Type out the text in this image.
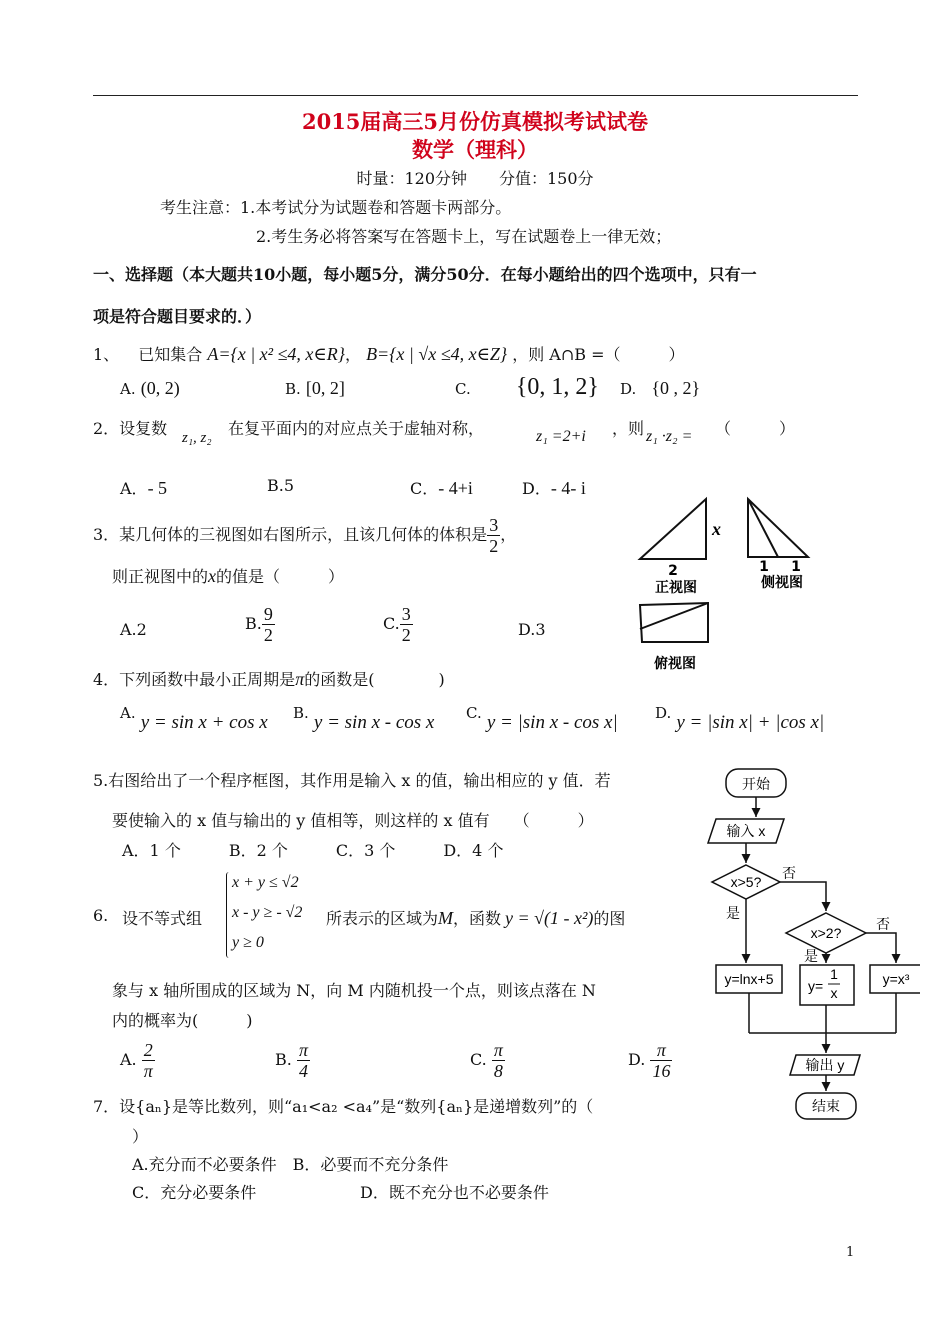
2015届高三5月份仿真模拟考试试卷
数学（理科）
时量：120分钟　　分值：150分
考生注意：1.本考试分为试题卷和答题卡两部分。
2.考生务必将答案写在答题卡上，写在试题卷上一律无效；
一、选择题（本大题共10小题，每小题5分，满分50分．在每小题给出的四个选项中，只有一
项是符合题目要求的．）
1、 已知集合 A={x | x² ≤4, x∈R}， B={x | √x ≤4, x∈Z} ，则 A∩B =（　　　）
A. (0, 2)	B. [0, 2]	C. {0, 1, 2} D. {0 , 2}
2．设复数 z₁, z₂ 在复平面内的对应点关于虚轴对称，	z₁ =2+i ，则 z₁ ·z₂ = （　　　）
A．- 5	B.5	C．- 4+i	D．- 4- i
3．某几何体的三视图如右图所示，且该几何体的体积是 $\frac{3}{2}$ ，
则正视图中的x的值是（　　　）
A.2	B. $\frac{9}{2}$	C. $\frac{3}{2}$	D.3
x
2
正视图
1 1
侧视图
俯视图
4．下列函数中最小正周期是π的函数是(　　　　)
A. y = sin x + cos x B. y = sin x - cos x C. y = |sin x - cos x| D. y = |sin x| + |cos x|
5.右图给出了一个程序框图，其作用是输入 x 的值，输出相应的 y 值．若
要使输入的 x 值与输出的 y 值相等，则这样的 x 值有　　（　　　）
A．1 个　　　B．2 个　　　C．3 个　　　D．4 个
开始
输入 x
x>5?
否
是
x>2?
否
是
y=lnx+5 y=
1
x
y=x³
输出 y
结束
6. 设不等式组
x + y ≤ √2
x - y ≥ - √2
y ≥ 0
所表示的区域为M，函数 y = √(1 - x²)的图
象与 x 轴所围成的区域为 N，向 M 内随机投一个点，则该点落在 N
内的概率为(　　　)
A. $\frac{2}{\pi}$	B. $\frac{\pi}{4}$	C. $\frac{\pi}{8}$	D. $\frac{\pi}{16}$
7．设{aₙ}是等比数列，则“a₁<a₂ <a₄”是“数列{aₙ}是递增数列”的（
）
A.充分而不必要条件　B．必要而不充分条件
C．充分必要条件	D．既不充分也不必要条件
1
